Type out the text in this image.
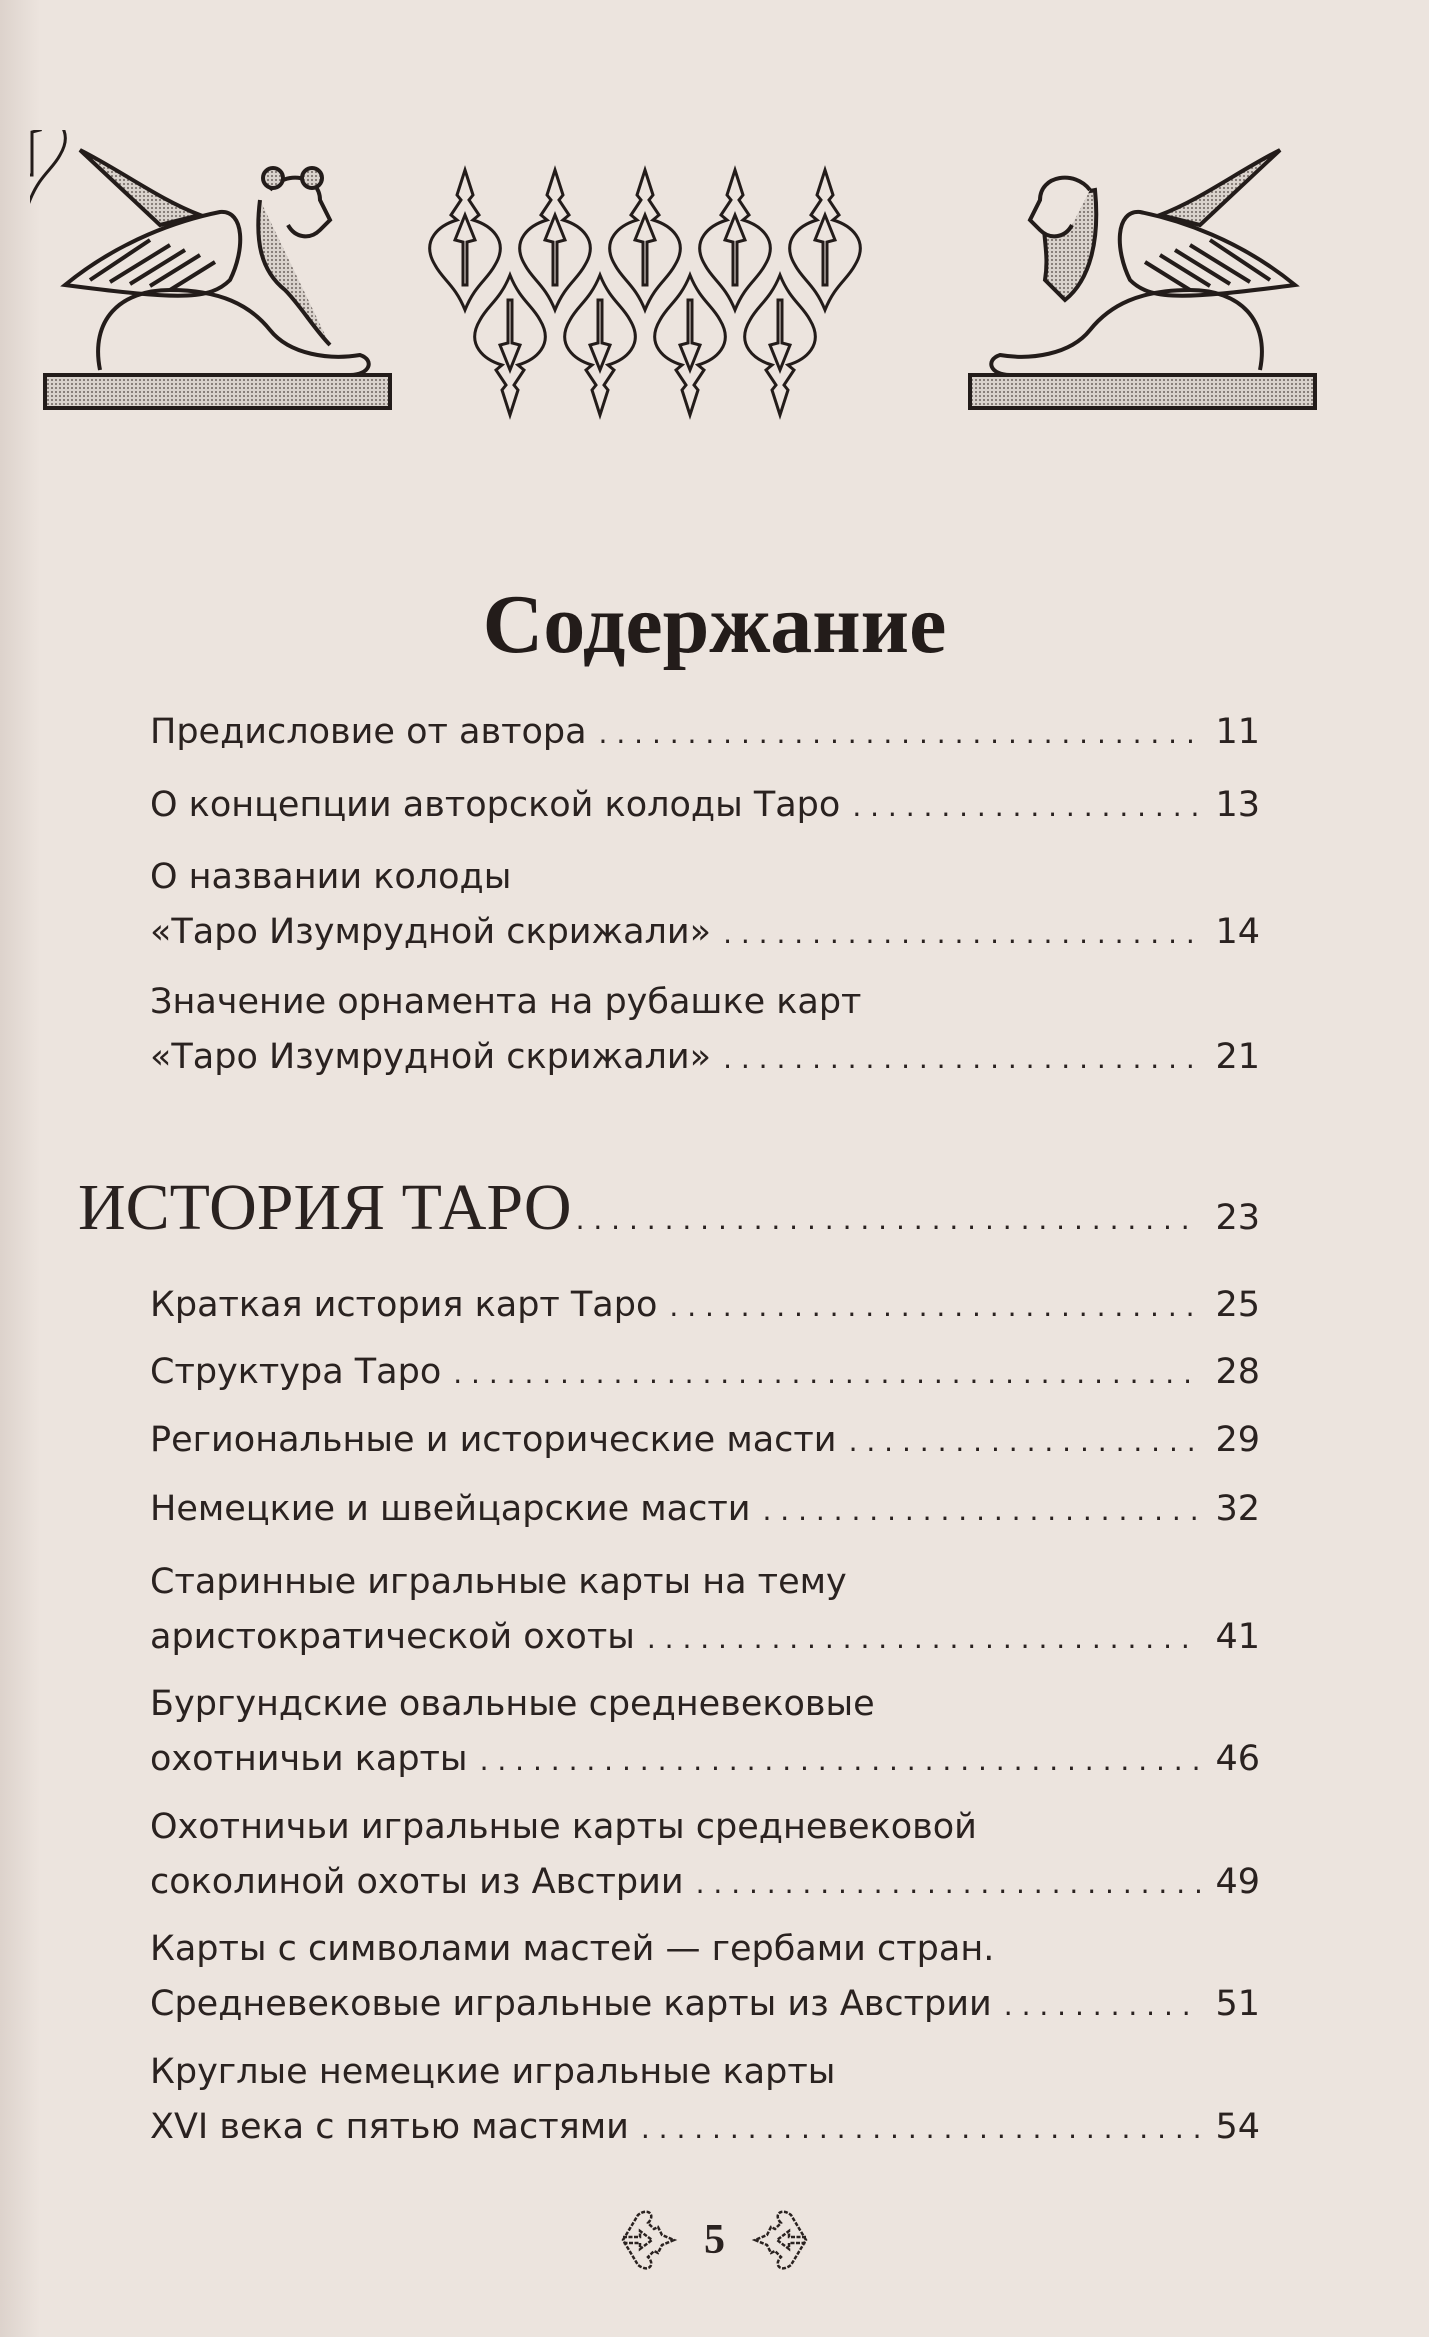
Содержание
Предисловие от автора . . .	11
О концепции авторской колоды Таро . . .	13
О названии колоды
«Таро Изумрудной скрижали» . . .	14
Значение орнамента на рубашке карт
«Таро Изумрудной скрижали» . . .	21
ИСТОРИЯ ТАРО . . .	23
Краткая история карт Таро . . .	25
Структура Таро . . .	28
Региональные и исторические масти . . .	29
Немецкие и швейцарские масти . . .	32
Старинные игральные карты на тему
аристократической охоты . . .	41
Бургундские овальные средневековые
охотничьи карты . . .	46
Охотничьи игральные карты средневековой
соколиной охоты из Австрии . . .	49
Карты с символами мастей — гербами стран.
Средневековые игральные карты из Австрии . . .	51
Круглые немецкие игральные карты
XVI века с пятью мастями . . .	54
5
